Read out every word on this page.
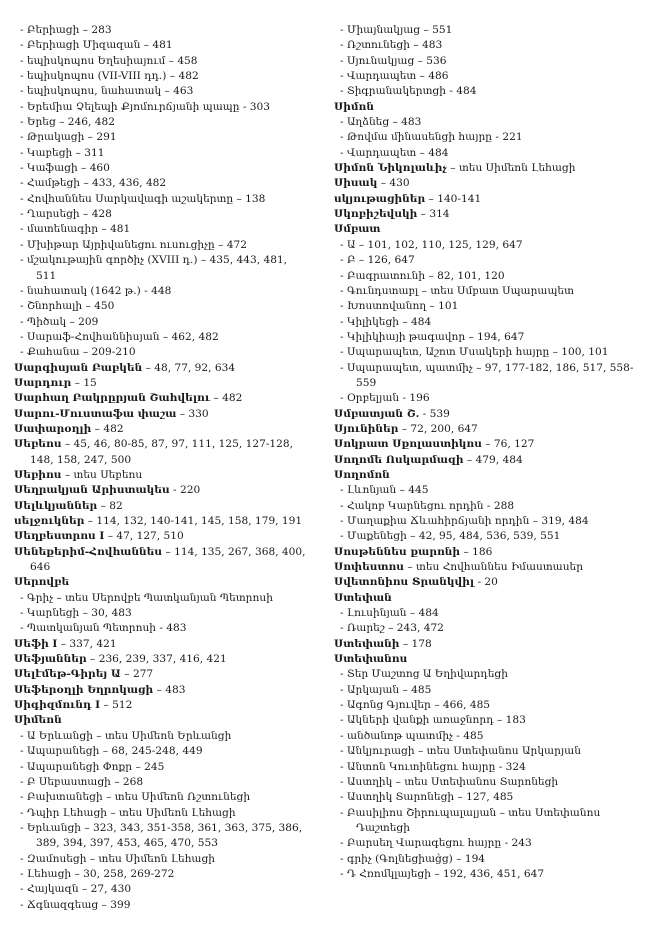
- Բերիացի – 283

- Բերիացի Միզազան – 481

- եպիսկոպոս Եղեսիայում – 458

- եպիսկոպոս (VII-VIII դդ.) – 482

- եպիսկոպոս, նահատակ – 463

- Երեմիա Չելեպի Քյոմուրճյանի պապը - 303

- Երեց – 246, 482

- Թրակացի – 291

- Կաբեցի – 311

- Կաֆացի – 460

- Համթեցի – 433, 436, 482

- Հովհաննես Սարկավագի աշակերտը – 138

- Ղարսեցի – 428

- մատենագիր – 481

- Մխիթար Այրիվանեցու ուսուցիչը – 472

- մշակութային գործիչ (XVIII դ.) – 435, 443, 481, 511

- նահատակ (1642 թ.) - 448

- Շնորհալի – 450

- Պիծակ – 209

- Սարաֆ-Հովհաննիսյան – 462, 482

- Քահանա – 209-210

Սարգիսյան Բաբկեն – 48, 77, 92, 634

Սարդուր – 15

Սարհաղ Բակրըրյան Շահվելու – 482

Սարու-Մուստաֆա փաշա – 330

Սափարօղլի – 482

Սեբեոս – 45, 46, 80-85, 87, 97, 111, 125, 127-128, 148, 158, 247, 500

Սեբիոս – տես Սեբեոս

Սեղրակյան Արիստակես - 220

Սելևկյաններ – 82

սելջուկներ – 114, 132, 140-141, 145, 158, 179, 191

Սեղբեստրոս I – 47, 127, 510

Սենեքերիմ-Հովհաննես – 114, 135, 267, 368, 400, 646

Սերովբե

- Գրիչ – տես Սերովբե Պատկանյան Պետրոսի

- Կարնեցի – 30, 483

- Պատկանյան Պետրոսի - 483

Սեֆի I – 337, 421

Սեֆյաններ – 236, 239, 337, 416, 421

Սելէմեթ-Գիրեյ Ա – 277

Սեֆերօղլի Եղրոկացի – 483

Սիգիզմունդ I – 512

Սիմեոն

- Ա Երևանցի – տես Սիմեոն Երևանցի

- Ապարանեցի – 68, 245-248, 449

- Ապարանեցի Փոքր – 245

- Բ Սեբաստացի – 268

- Բախտանեցի – տես Սիմեոն Ռշտունեցի

- Դպիր Լեհացի – տես Սիմեոն Լեհացի

- Երևանցի – 323, 343, 351-358, 361, 363, 375, 386, 389, 394, 397, 453, 465, 470, 553

- Զամոսեցի – տես Սիմեոն Լեհացի

- Լեհացի – 30, 258, 269-272

- Հայկազն – 27, 430

- Ճգնազգեաց – 399

- Միայնակյաց – 551

- Ռշտունեցի – 483

- Սյունակյաց – 536

- Վարդապետ – 486

- Տիգրանակերտցի - 484

Սիմոն

- Աղձնեց – 483

- Թովմա մինասենցի հայրը - 221

- Վարդապետ – 484

Սիմոն Նիկոլաևիչ – տես Սիմեոն Լեհացի

Սիսակ – 430

սկյութացիներ – 140-141

Սկոբիշեվսկի – 314

Սմբատ

- Ա – 101, 102, 110, 125, 129, 647

- Բ – 126, 647

- Բագրատունի – 82, 101, 120

- Գունդստաբլ – տես Սմբատ Սպարապետ

- Խոստովանող – 101

- Կիլիկեցի – 484

- Կիլիկիայի թագավոր – 194, 647

- Սպարապետ, Աշոտ Մսակերի հայրը – 100, 101

- Սպարապետ, պատմիչ – 97, 177-182, 186, 517, 558-559

- Օրբելյան - 196

Սմբատյան Շ. - 539

Սյունիներ – 72, 200, 647

Սոկրատ Սքոլաստիկոս – 76, 127

Սողոմե Ոսկարմազի – 479, 484

Սողոմոն

- Լևոնյան – 445

- Հակոբ Կարնեցու որդին - 288

- Մաղաքիա Ճևահիրճյանի որդին – 319, 484

- Մաքենեցի – 42, 95, 484, 536, 539, 551

Սոսթեննես քարոնի – 186

Սոփեստոս – տես Հովհաննես Իմաստասեր

Սվետոնիոս Տրանկվիլ - 20

Ստեփան

- Լուսինյան – 484

- Ռարեշ – 243, 472

Ստեփանի – 178

Ստեփանոս

- Տեր Մաշտոց Ա Եղիվարդեցի

- Արկայան – 485

- Ագոնց Գյուվեր – 466, 485

- Ակների վանքի առաջնորդ – 183

- անծանոթ պատմիչ - 485

- Անկյուրացի – տես Ստեփանոս Արկարյան

- Անտոն Կուտինեցու հայրը - 324

- Աստղիկ – տես Ստեփանոս Տարոնեցի

- Աստղիկ Տարոնեցի – 127, 485

- Բասիլիոս Շիրուպալալյան – տես Ստեփանոս Դաշտեցի

- Բարսեղ Վարագեցու հայրը - 243

- գրիչ (Գոլնեցիաց̀ց) – 194

- Դ Հռոմկլայեցի – 192, 436, 451, 647
